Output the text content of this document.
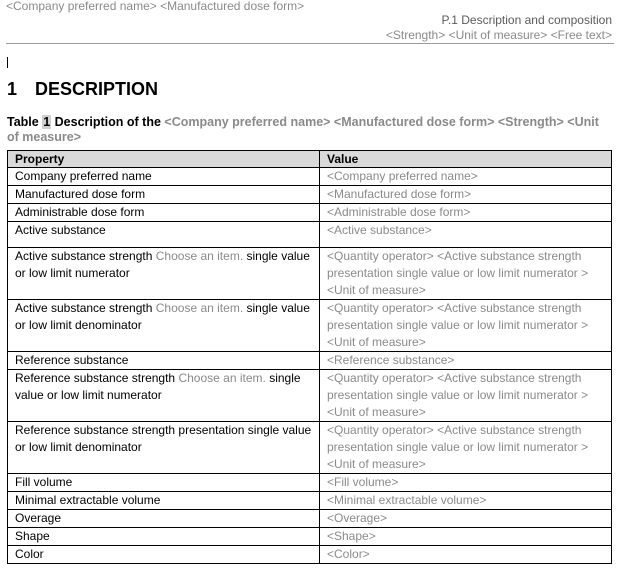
<Company preferred name> <Manufactured dose form>
P.1 Description and composition
<Strength> <Unit of measure> <Free text>
1 DESCRIPTION
Table 1 Description of the <Company preferred name> <Manufactured dose form> <Strength> <Unit of measure>
Property	Value
Company preferred name	<Company preferred name>
Manufactured dose form	<Manufactured dose form>
Administrable dose form	<Administrable dose form>
Active substance	<Active substance>
Active substance strength Choose an item. single value or low limit numerator	<Quantity operator> <Active substance strength presentation single value or low limit numerator > <Unit of measure>
Active substance strength Choose an item. single value or low limit denominator	<Quantity operator> <Active substance strength presentation single value or low limit numerator > <Unit of measure>
Reference substance	<Reference substance>
Reference substance strength Choose an item. single value or low limit numerator	<Quantity operator> <Active substance strength presentation single value or low limit numerator > <Unit of measure>
Reference substance strength presentation single value or low limit denominator	<Quantity operator> <Active substance strength presentation single value or low limit numerator > <Unit of measure>
Fill volume	<Fill volume>
Minimal extractable volume	<Minimal extractable volume>
Overage	<Overage>
Shape	<Shape>
Color	<Color>
